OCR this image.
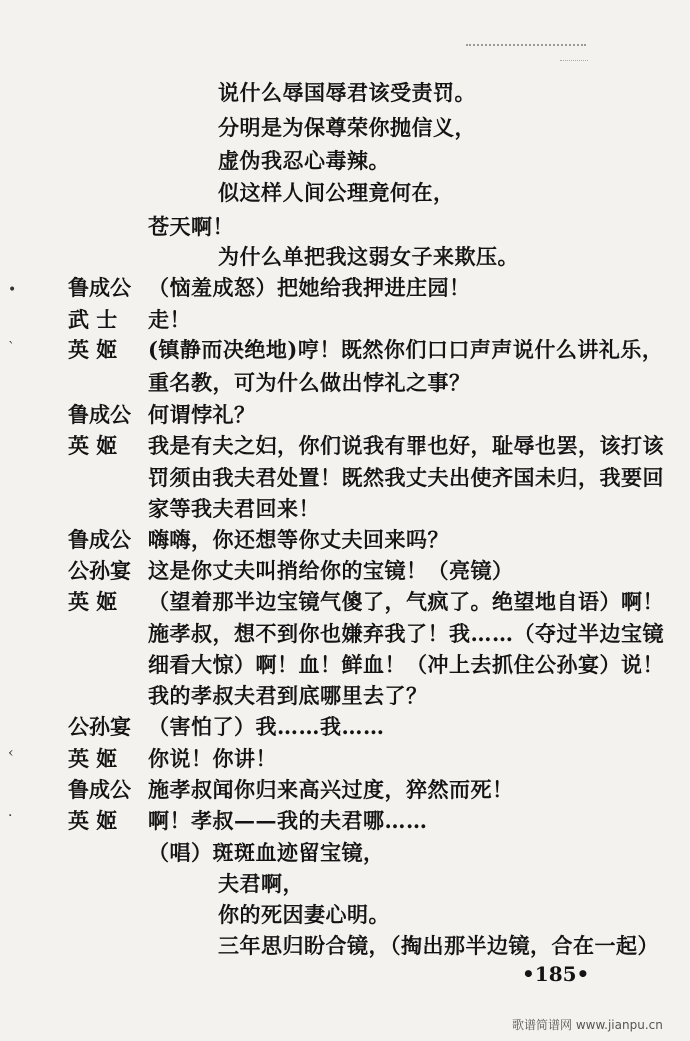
说什么辱国辱君该受责罚。
分明是为保尊荣你抛信义，
虚伪我忍心毒辣。
似这样人间公理竟何在，
苍天啊！
为什么单把我这弱女子来欺压。
• 鲁成公 （恼羞成怒）把她给我押进庄园！
武 士 走！
ˋ	英 姬 (镇静而决绝地)哼！既然你们口口声声说什么讲礼乐，
重名教，可为什么做出悖礼之事？
鲁成公 何谓悖礼？
英 姬 我是有夫之妇，你们说我有罪也好，耻辱也罢，该打该
罚须由我夫君处置！既然我丈夫出使齐国未归，我要回
家等我夫君回来！
鲁成公 嗨嗨，你还想等你丈夫回来吗？
公孙宴 这是你丈夫叫捎给你的宝镜！（亮镜）
英 姬 （望着那半边宝镜气傻了，气疯了。绝望地自语）啊！
施孝叔，想不到你也嫌弃我了！我……（夺过半边宝镜
细看大惊）啊！血！鲜血！（冲上去抓住公孙宴）说！
我的孝叔夫君到底哪里去了？
公孙宴 （害怕了）我……我……
‹	英 姬 你说！你讲！
鲁成公 施孝叔闻你归来高兴过度，猝然而死！
·	英 姬 啊！孝叔——我的夫君哪……
（唱）斑斑血迹留宝镜，
夫君啊，
你的死因妻心明。
三年思归盼合镜，（掏出那半边镜，合在一起）
•185•
歌谱简谱网 www.jianpu.cn
